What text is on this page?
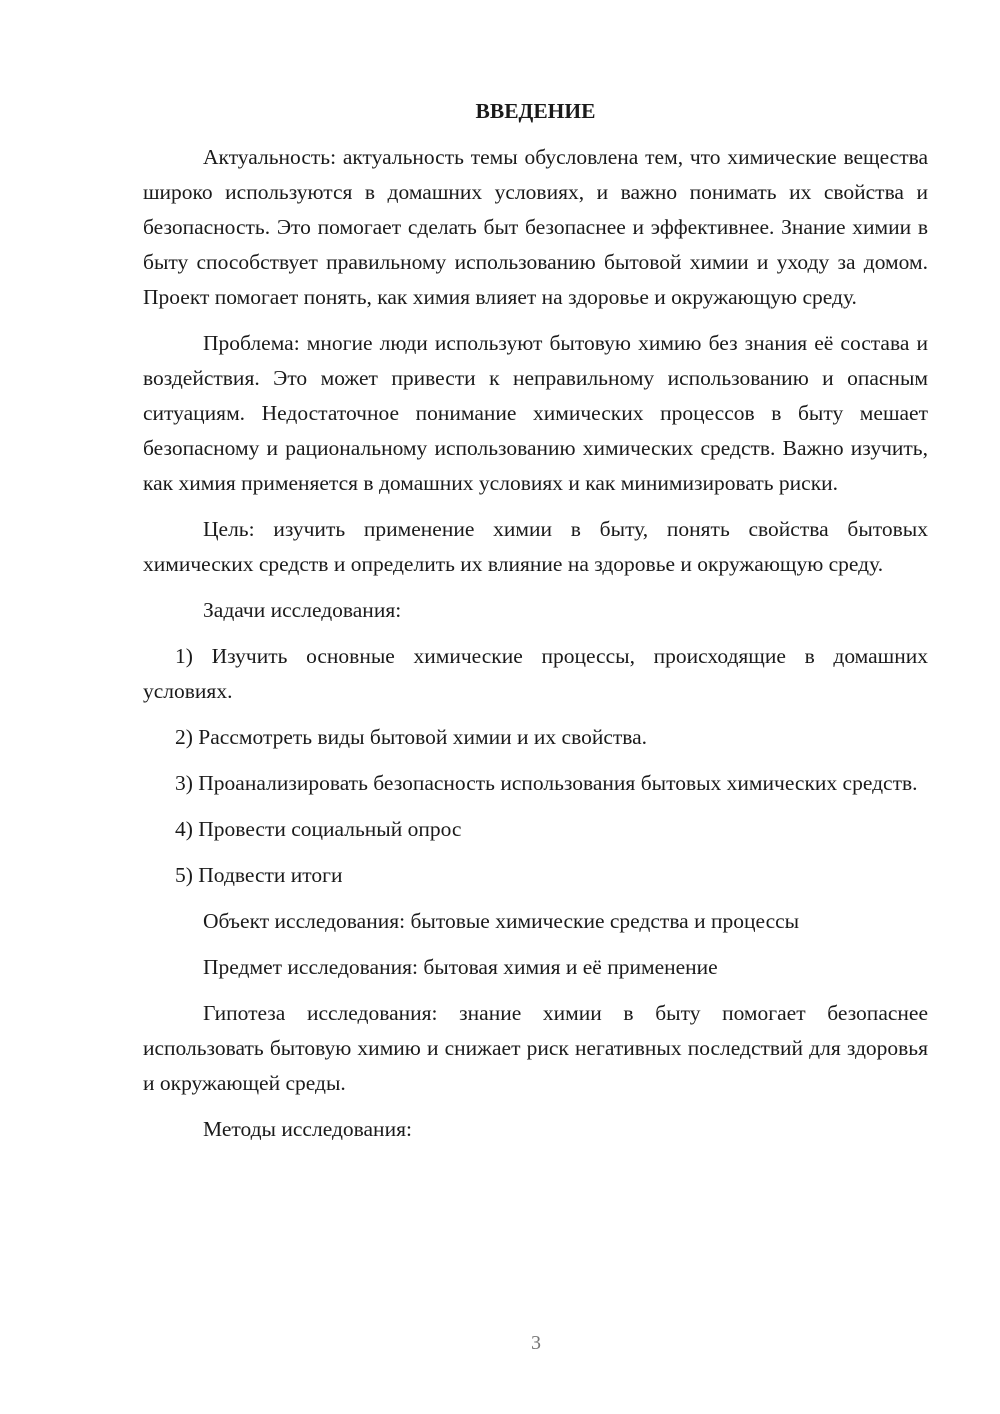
ВВЕДЕНИЕ

Актуальность: актуальность темы обусловлена тем, что химические вещества широко используются в домашних условиях, и важно понимать их свойства и безопасность. Это помогает сделать быт безопаснее и эффективнее. Знание химии в быту способствует правильному использованию бытовой химии и уходу за домом. Проект помогает понять, как химия влияет на здоровье и окружающую среду.

Проблема: многие люди используют бытовую химию без знания её состава и воздействия. Это может привести к неправильному использованию и опасным ситуациям. Недостаточное понимание химических процессов в быту мешает безопасному и рациональному использованию химических средств. Важно изучить, как химия применяется в домашних условиях и как минимизировать риски.

Цель: изучить применение химии в быту, понять свойства бытовых химических средств и определить их влияние на здоровье и окружающую среду.

Задачи исследования:

1) Изучить основные химические процессы, происходящие в домашних условиях.

2) Рассмотреть виды бытовой химии и их свойства.

3) Проанализировать безопасность использования бытовых химических средств.

4) Провести социальный опрос

5) Подвести итоги

Объект исследования: бытовые химические средства и процессы

Предмет исследования: бытовая химия и её применение

Гипотеза исследования: знание химии в быту помогает безопаснее использовать бытовую химию и снижает риск негативных последствий для здоровья и окружающей среды.

Методы исследования:

3
